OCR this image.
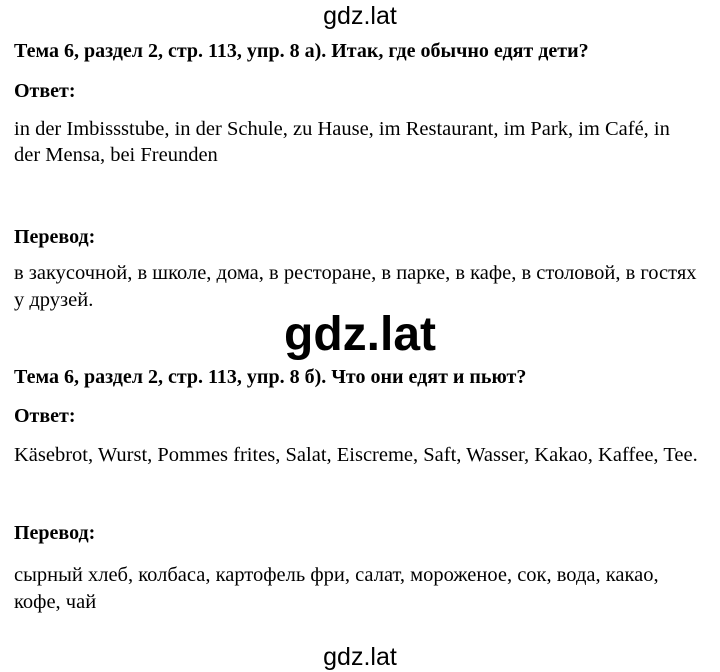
gdz.lat
Тема 6, раздел 2, стр. 113, упр. 8 а). Итак, где обычно едят дети?
Ответ:
in der Imbissstube, in der Schule, zu Hause, im Restaurant, im Park, im Café, in
der Mensa, bei Freunden
Перевод:
в закусочной, в школе, дома, в ресторане, в парке, в кафе, в столовой, в гостях
у друзей.
gdz.lat
Тема 6, раздел 2, стр. 113, упр. 8 б). Что они едят и пьют?
Ответ:
Käsebrot, Wurst, Pommes frites, Salat, Eiscreme, Saft, Wasser, Kakao, Kaffee, Tee.
Перевод:
сырный хлеб, колбаса, картофель фри, салат, мороженое, сок, вода, какао,
кофе, чай
gdz.lat
